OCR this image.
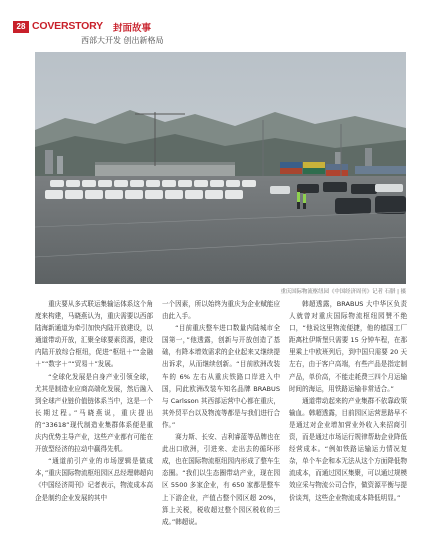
28 COVERSTORY 封面故事
西部大开发 创出新格局
重庆国际物流枢纽园《中国经济周刊》记者 石腊 | 摄

重庆要从多式联运集输运体系这个角度来构建，马晓燕认为，重庆需要以西部陆海新通道为牵引加快内陆开放建设，以通道带动开放，汇聚全球要素资源，建设内陆开放综合枢纽，促进“枢纽＋”“金融＋”“数字＋”“贸易＋”发展。

“全球化发展是自身产业引领全球，尤其是制造业应商高端化发展，然后融入到全球产业链价值链体系当中，这是一个长期过程。”马晓燕说，重庆提出的“33618”现代制造业集群体系便是重庆内优势主导产业，这些产业都有可能在开放型经济的拉动中赢得先机。

“通道前引产业的市场逻辑是做成本，”重庆国际物流枢纽园区总经理韩超向《中国经济周刊》记者表示，物流成本高企是制约企业发展的其中

一个因素，所以始终为重庆为企业赋能应由此入手。

“目前重庆整车进口数量内陆城市全国第一，”他透露，创新与开放创造了基础，有降本增效需求的企业起来又继续提出诉求，从而继续创新。“目前欧洲改装车的 6% 左右从重庆铁路口岸进入中国，同此欧洲改装车知名品牌 BRABUS 与 Carlsson 其西部运营中心都在重庆，其外贸平台以及物流等都是与我们进行合作。”

赛力斯、长安、吉利睿蓝等品牌也在此出口欧洲，引进来、走出去的循环形成，也在国际物流枢纽园内形成了整车生态圈。“我们以生态圈带动产业，现在园区 5500 多家企业，有 650 家都是整车上下游企业，产值占整个园区超 20%，算上关税，税收超过整个园区税收的三成。”韩超说。

韩超透露，BRABUS 大中华区负责人就曾对重庆国际物流枢纽园赞不绝口，“他说这里物流便捷，他的德国工厂距离杜伊斯堡只需要 15 分钟车程，在那里乘上中欧班列后，到中国只需要 20 天左右，由于客户高端，有些产品是指定制产品，单价高，不能走耗费三四个月运输时间的海运，用铁路运输非常适合。”

通道带动起来的产业集群不依靠政策输血。韩超透露，目前园区运营思路早不是通过对企业增加营业外收入来招商引资，而是通过市场运行规律帮助企业降低经营成本。“例如铁路运输运力情况复杂，单个车企和本无法从这个方面降低物流成本，而通过园区集聚，可以通过规模效应采与物流公司合作，做资源平衡与提价谈判，这些企业物流成本降低明显。”
